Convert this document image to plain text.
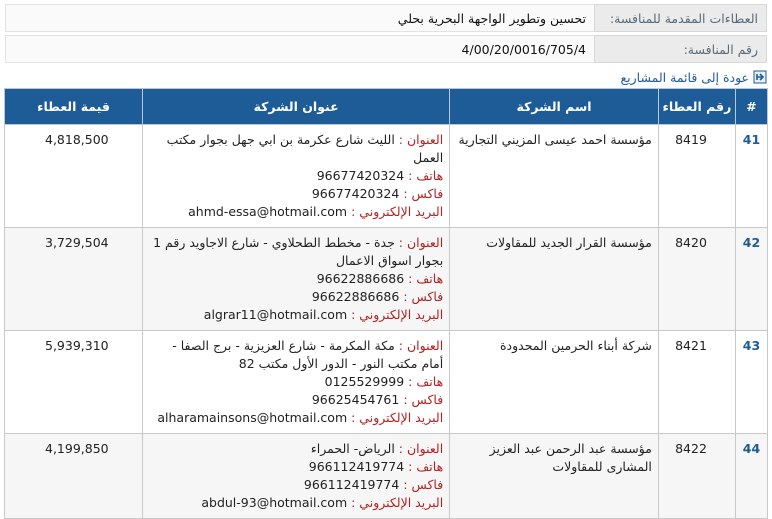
العطاءات المقدمة للمنافسة:	تحسين وتطوير الواجهة البحرية بحلي

رقم المنافسة:	4/00/20/0016/705/4
عودة إلى قائمة المشاريع
#	رقم العطاء	اسم الشركة	عنوان الشركة	قيمة العطاء
41	8419	مؤسسة احمد عيسى المزيني التجارية	العنوان : الليث شارع عكرمة بن ابي جهل بجوار مكتب العمل
هاتف : 96677420324
فاكس : 96677420324
البريد الإلكتروني : ahmd-essa@hotmail.com	4,818,500

42	8420	مؤسسة القرار الجديد للمقاولات	العنوان : جدة - مخطط الطحلاوي - شارع الاجاويد رقم 1 بجوار اسواق الاعمال
هاتف : 96622886686
فاكس : 96622886686
البريد الإلكتروني : algrar11@hotmail.com	3,729,504

43	8421	شركة أبناء الحرمين المحدودة	العنوان : مكة المكرمة - شارع العزيزية - برج الصفا - أمام مكتب النور - الدور الأول مكتب 82
هاتف : 0125529999
فاكس : 96625454761
البريد الإلكتروني : alharamainsons@hotmail.com	5,939,310

44	8422	مؤسسة عبد الرحمن عبد العزيز المشارى للمقاولات	العنوان : الرياض- الحمراء
هاتف : 966112419774
فاكس : 966112419774
البريد الإلكتروني : abdul-93@hotmail.com	4,199,850
